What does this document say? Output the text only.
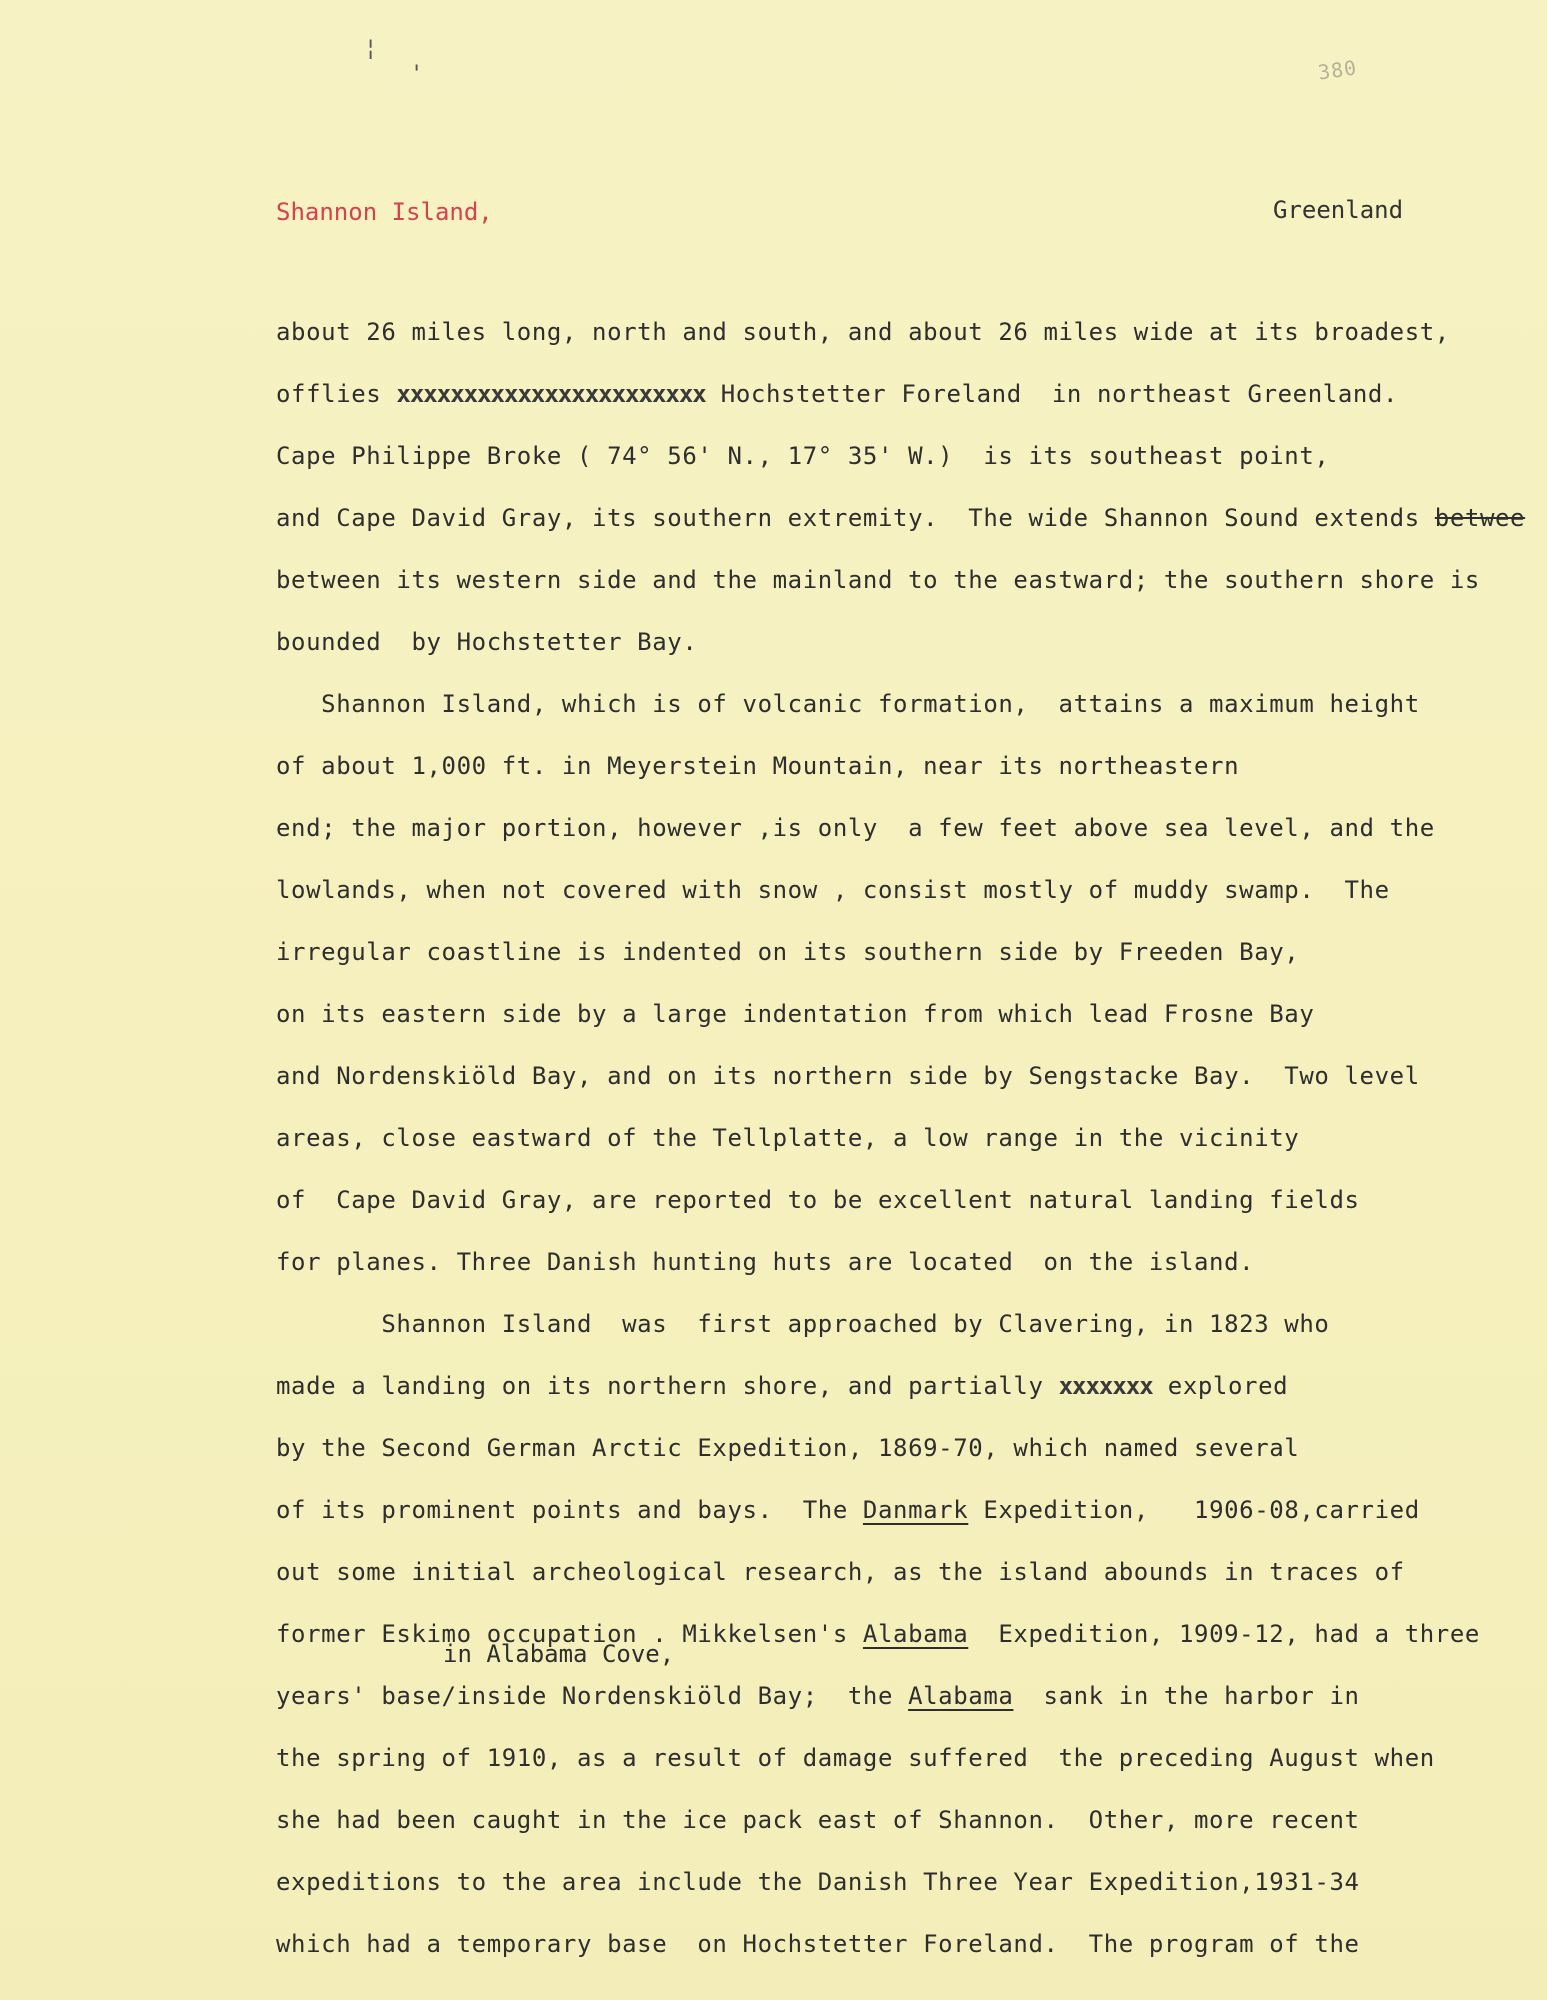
¦
'	380
Shannon Island,	Greenland
about 26 miles long, north and south, and about 26 miles wide at its broadest,
offlies xxxxxxxxxxxxxxxxxxxxxxx Hochstetter Foreland  in northeast Greenland.
Cape Philippe Broke ( 74° 56' N., 17° 35' W.)  is its southeast point,
and Cape David Gray, its southern extremity.  The wide Shannon Sound extends betwee
between its western side and the mainland to the eastward; the southern shore is
bounded  by Hochstetter Bay.
Shannon Island, which is of volcanic formation,  attains a maximum height
of about 1,000 ft. in Meyerstein Mountain, near its northeastern
end; the major portion, however ,is only  a few feet above sea level, and the
lowlands, when not covered with snow , consist mostly of muddy swamp.  The
irregular coastline is indented on its southern side by Freeden Bay,
on its eastern side by a large indentation from which lead Frosne Bay
and Nordenskiöld Bay, and on its northern side by Sengstacke Bay.  Two level
areas, close eastward of the Tellplatte, a low range in the vicinity
of  Cape David Gray, are reported to be excellent natural landing fields
for planes. Three Danish hunting huts are located  on the island.
Shannon Island  was  first approached by Clavering, in 1823 who
made a landing on its northern shore, and partially xxxxxxx explored
by the Second German Arctic Expedition, 1869-70, which named several
of its prominent points and bays.  The Danmark Expedition,   1906-08,carried
out some initial archeological research, as the island abounds in traces of
former Eskimo occupation . Mikkelsen's Alabama  Expedition, 1909-12, had a three
in Alabama Cove,
years' base/inside Nordenskiöld Bay;  the Alabama  sank in the harbor in
the spring of 1910, as a result of damage suffered  the preceding August when
she had been caught in the ice pack east of Shannon.  Other, more recent
expeditions to the area include the Danish Three Year Expedition,1931-34
which had a temporary base  on Hochstetter Foreland.  The program of the
